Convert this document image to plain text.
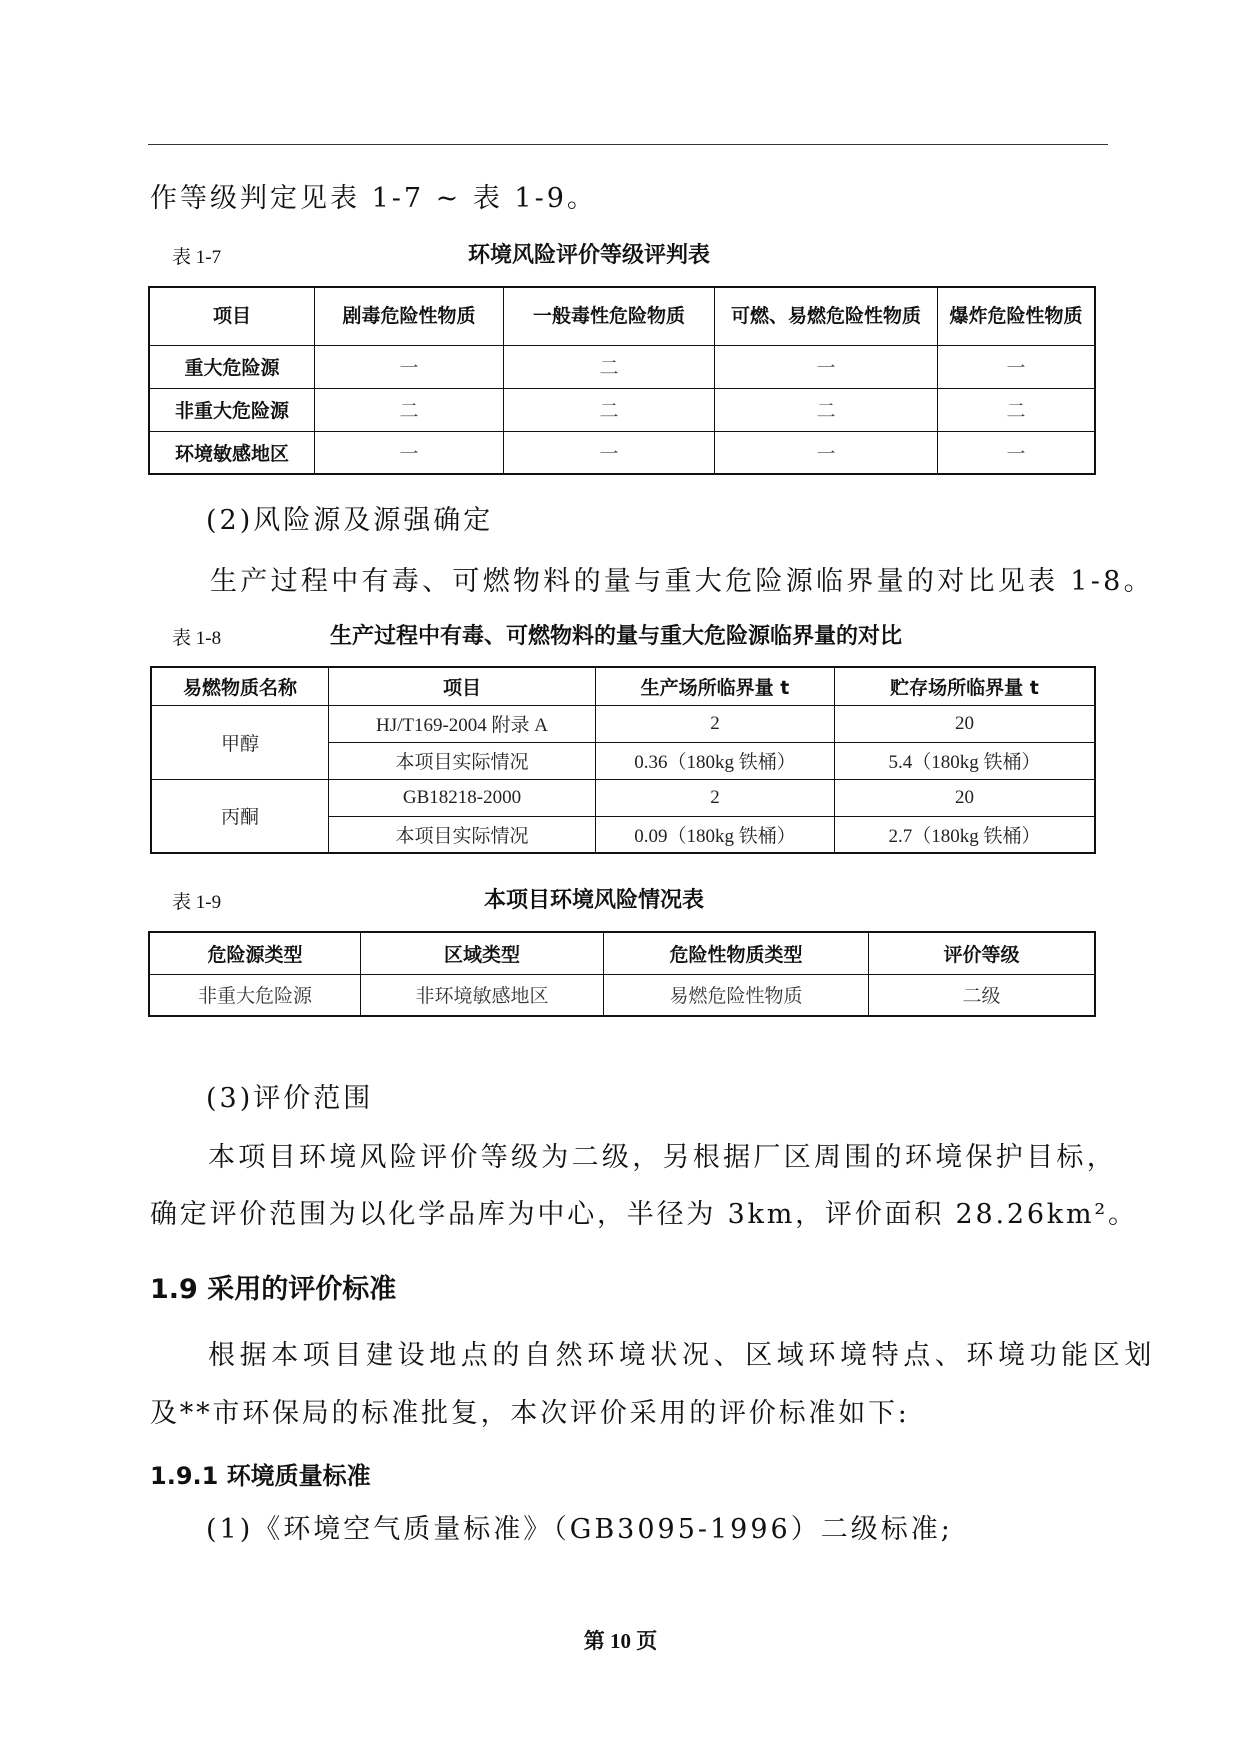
作等级判定见表 1-7 ~ 表 1-9。
表 1-7	环境风险评价等级评判表
项目	剧毒危险性物质	一般毒性危险物质	可燃、易燃危险性物质	爆炸危险性物质
重大危险源	一	二	一	一
非重大危险源	二	二	二	二
环境敏感地区	一	一	一	一
(2)风险源及源强确定
生产过程中有毒、可燃物料的量与重大危险源临界量的对比见表 1-8。
表 1-8	生产过程中有毒、可燃物料的量与重大危险源临界量的对比
易燃物质名称	项目	生产场所临界量 t	贮存场所临界量 t
甲醇	HJ/T169-2004 附录 A	2	20
	本项目实际情况	0.36（180kg 铁桶）	5.4（180kg 铁桶）
丙酮	GB18218-2000	2	20
	本项目实际情况	0.09（180kg 铁桶）	2.7（180kg 铁桶）
表 1-9	本项目环境风险情况表
危险源类型	区域类型	危险性物质类型	评价等级
非重大危险源	非环境敏感地区	易燃危险性物质	二级
(3)评价范围
本项目环境风险评价等级为二级，另根据厂区周围的环境保护目标，
确定评价范围为以化学品库为中心，半径为 3km，评价面积 28.26km²。
1.9 采用的评价标准
根据本项目建设地点的自然环境状况、区域环境特点、环境功能区划
及**市环保局的标准批复，本次评价采用的评价标准如下:
1.9.1 环境质量标准
(1)《环境空气质量标准》（GB3095-1996）二级标准;
第 10 页
